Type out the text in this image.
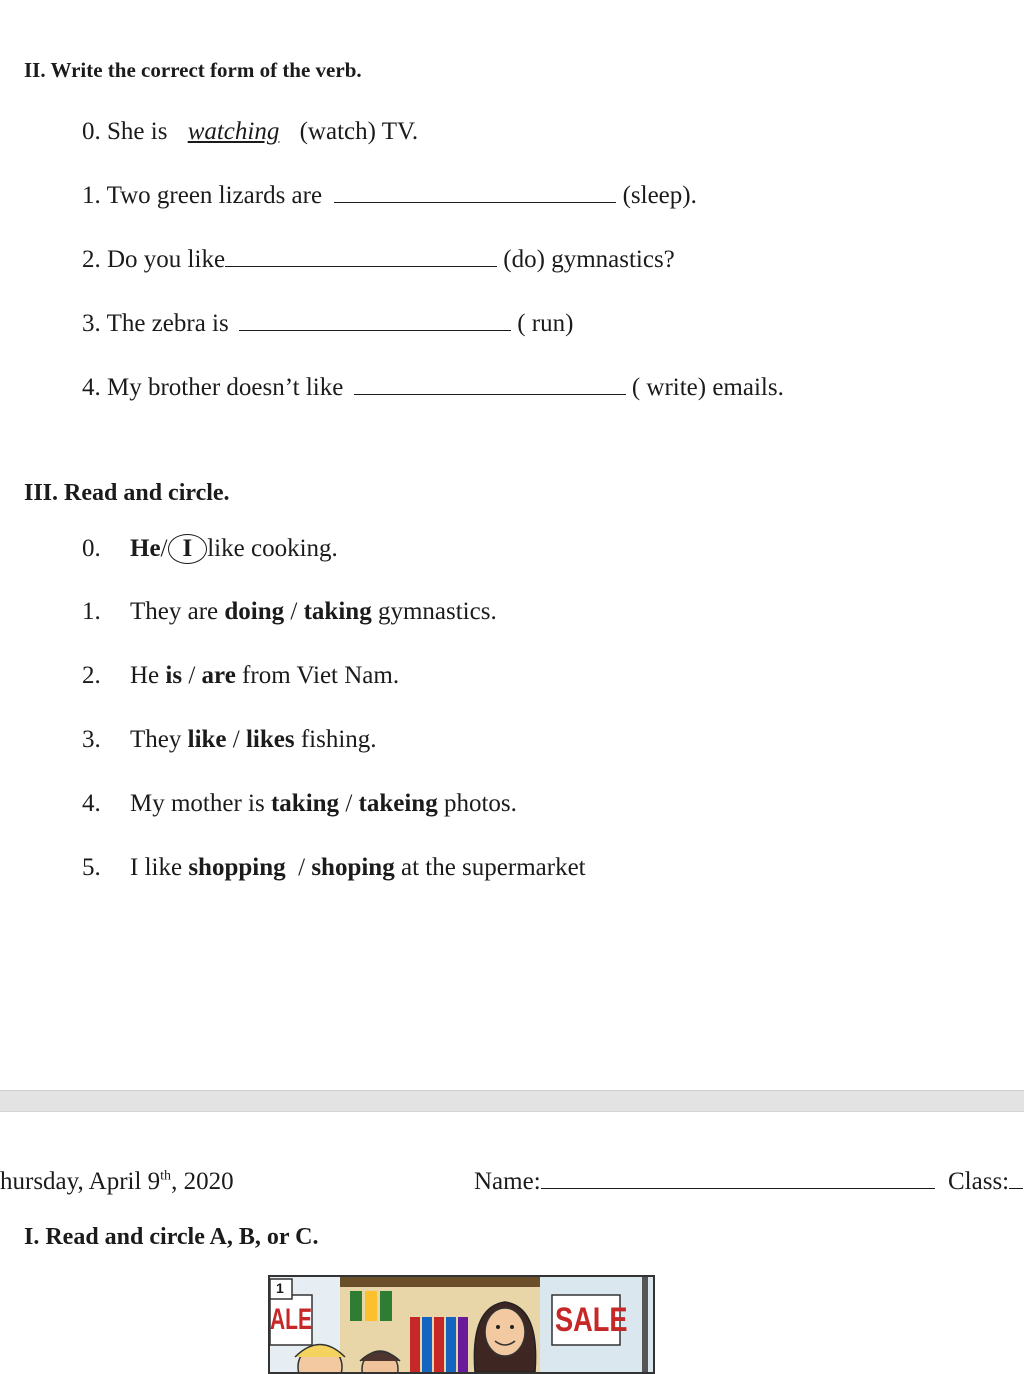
II. Write the correct form of the verb.
0. She is watching (watch) TV.
1. Two green lizards are	(sleep).
2. Do you like	(do) gymnastics?
3. The zebra is	( run)
4. My brother doesn’t like	( write) emails.
III. Read and circle.
0. He/ I like cooking.
1. They are doing / taking gymnastics.
2. He is / are from Viet Nam.
3. They like / likes fishing.
4. My mother is taking / takeing photos.
5. I like shopping  / shoping at the supermarket
hursday, April 9th, 2020	Name:	Class:
I. Read and circle A, B, or C.
1
ALE	SALE
